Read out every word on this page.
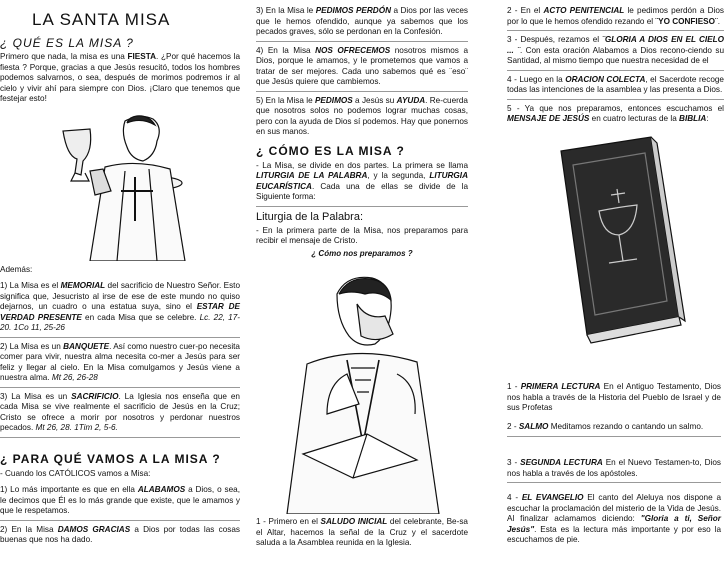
LA SANTA MISA
¿ QUÉ ES LA MISA ?

Primero que nada, la misa es una FIESTA. ¿Por qué hacemos la fiesta ? Porque, gracias a que Jesús resucitó, todos los hombres podemos salvarnos, o sea, después de morimos podremos ir al cielo y vivir ahí para siempre con Dios. ¡Claro que tenemos que festejar esto!

Además:

1) La Misa es el MEMORIAL del sacrificio de Nuestro Señor. Esto significa que, Jesucristo al irse de ese de este mundo no quiso dejarnos, un cuadro o una estatua suya, sino el ESTAR DE VERDAD PRESENTE en cada Misa que se celebre. Lc. 22, 17-20. 1Co 11, 25-26

2) La Misa es un BANQUETE. Así como nuestro cuer-po necesita comer para vivir, nuestra alma necesita co-mer a Jesús para ser feliz y llegar al cielo. En la Misa comulgamos y Jesús viene a nuestra alma. Mt 26, 26-28

3) La Misa es un SACRIFICIO. La Iglesia nos enseña que en cada Misa se vive realmente el sacrificio de Jesús en la Cruz; Cristo se ofrece a morir por nosotros y perdonar nuestros pecados. Mt 26, 28. 1Tim 2, 5-6.

¿ PARA QUÉ VAMOS A LA MISA ?

- Cuando los CATÓLICOS vamos a Misa:

1) Lo más importante es que en ella ALABAMOS a Dios, o sea, le decimos que Él es lo más grande que existe, que le amamos y que le respetamos.

2) En la Misa DAMOS GRACIAS a Dios por todas las cosas buenas que nos ha dado.

3) En la Misa le PEDIMOS PERDÓN a Dios por las veces que le hemos ofendido, aunque ya sabemos que los pecados graves, sólo se perdonan en la Confesión.

4) En la Misa NOS OFRECEMOS nosotros mismos a Dios, porque le amamos, y le prometemos que vamos a tratar de ser mejores. Cada uno sabemos qué es ¨eso¨ que Jesús quiere que cambiemos.

5) En la Misa le PEDIMOS a Jesús su AYUDA. Re-cuerda que nosotros solos no podemos lograr muchas cosas, pero con la ayuda de Dios sí podemos. Hay que ponernos en sus manos.

¿ CÓMO ES LA MISA ?

- La Misa, se divide en dos partes. La primera se llama LITURGIA DE LA PALABRA, y la segunda, LITURGIA EUCARÍSTICA. Cada una de ellas se divide de la Siguiente forma:

Liturgia de la Palabra:

- En la primera parte de la Misa, nos preparamos para recibir el mensaje de Cristo.

¿ Cómo nos preparamos ?

1 - Primero en el SALUDO INICIAL del celebrante, Be-sa el Altar, hacemos la señal de la Cruz y el sacerdote saluda a la Asamblea reunida en la Iglesia.

2 - En el ACTO PENITENCIAL le pedimos perdón a Dios por lo que le hemos ofendido rezando el ¨YO CONFIESO¨.

3 - Después, rezamos el ¨GLORIA A DIOS EN EL CIELO ... ¨. Con esta oración Alabamos a Dios recono-ciendo su Santidad, al mismo tiempo que nuestra necesidad de el

4 - Luego en la ORACION COLECTA, el Sacerdote recoge todas las intenciones de la asamblea y las presenta a Dios.

5 - Ya que nos preparamos, entonces escuchamos el MENSAJE DE JESÚS en cuatro lecturas de la BIBLIA:

1 - PRIMERA LECTURA En el Antiguo Testamento, Dios nos habla a través de la Historia del Pueblo de Israel y de sus Profetas

2 - SALMO Meditamos rezando o cantando un salmo.

3 - SEGUNDA LECTURA En el Nuevo Testamen-to, Dios nos habla a través de los apóstoles.

4 - EL EVANGELIO El canto del Aleluya nos dispone a escuchar la proclamación del misterio de la Vida de Jesús. Al finalizar aclamamos diciendo: "Gloria a ti, Señor Jesús". Esta es la lectura más importante y por eso la escuchamos de pie.
